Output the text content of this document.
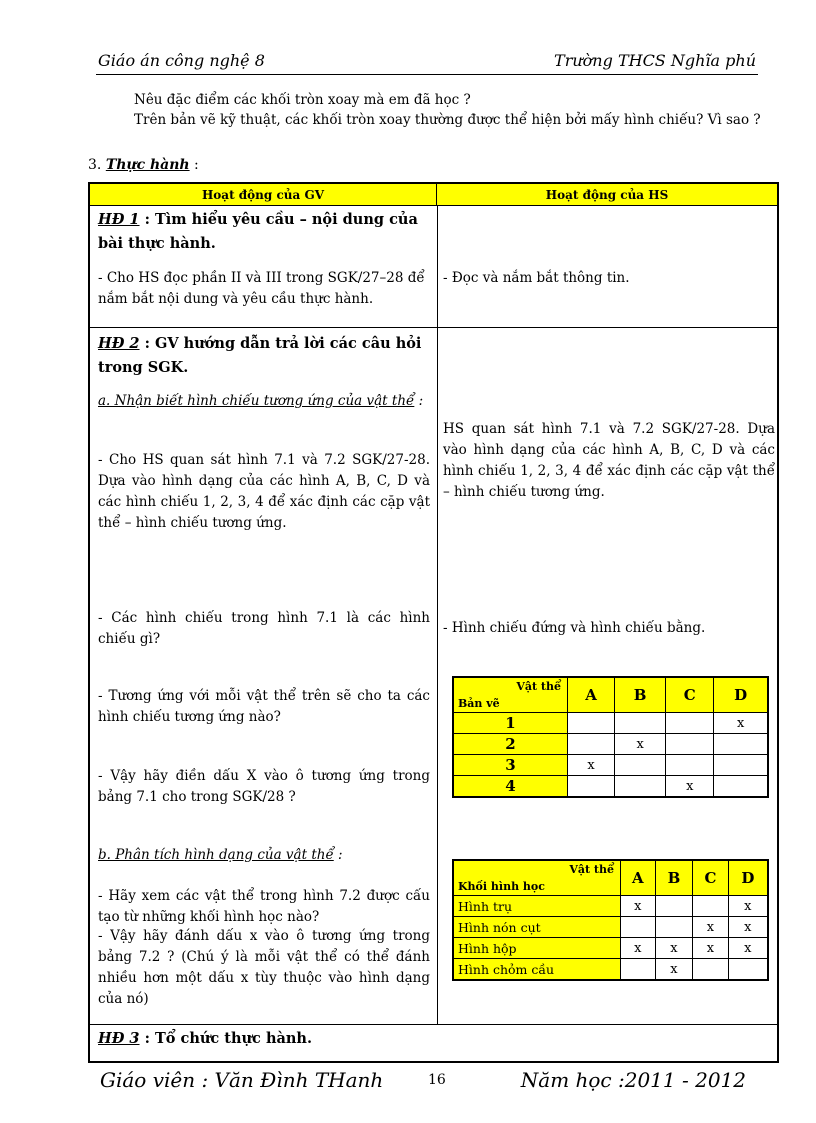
Giáo án công nghệ 8	Trường THCS Nghĩa phú

Nêu đặc điểm các khối tròn xoay mà em đã học ?

Trên bản vẽ kỹ thuật, các khối tròn xoay thường được thể hiện bởi mấy hình chiếu? Vì sao ?

3. Thực hành :
Hoạt động của GV	Hoạt động của HS
HĐ 1 : Tìm hiểu yêu cầu – nội dung của bài thực hành.
- Cho HS đọc phần II và III trong SGK/27–28 để nắm bắt nội dung và yêu cầu thực hành.
- Đọc và nắm bắt thông tin.
HĐ 2 : GV hướng dẫn trả lời các câu hỏi trong SGK.
a. Nhận biết hình chiếu tương ứng của vật thể :
- Cho HS quan sát hình 7.1 và 7.2 SGK/27-28. Dựa vào hình dạng của các hình A, B, C, D và các hình chiếu 1, 2, 3, 4 để xác định các cặp vật thể – hình chiếu tương ứng.
HS quan sát hình 7.1 và 7.2 SGK/27-28. Dựa vào hình dạng của các hình A, B, C, D và các hình chiếu 1, 2, 3, 4 để xác định các cặp vật thể – hình chiếu tương ứng.
- Các hình chiếu trong hình 7.1 là các hình chiếu gì?
- Hình chiếu đứng và hình chiếu bằng.
- Tương ứng với mỗi vật thể trên sẽ cho ta các hình chiếu tương ứng nào?
- Vậy hãy điền dấu X vào ô tương ứng trong bảng 7.1 cho trong SGK/28 ?
b. Phân tích hình dạng của vật thể :
- Hãy xem các vật thể trong hình 7.2 được cấu tạo từ những khối hình học nào?
- Vậy hãy đánh dấu x vào ô tương ứng trong bảng 7.2 ? (Chú ý là mỗi vật thể có thể đánh nhiều hơn một dấu x tùy thuộc vào hình dạng của nó)
Vật thể
Bản vẽ	A	B	C	D
1				x
2		x		
3	x			
4			x	
Vật thể
Khối hình học	A	B	C	D
Hình trụ	x			x
Hình nón cụt			x	x
Hình hộp	x	x	x	x
Hình chỏm cầu		x		
HĐ 3 : Tổ chức thực hành.
Giáo viên : Văn Đình THanh	16	Năm học :2011 - 2012
